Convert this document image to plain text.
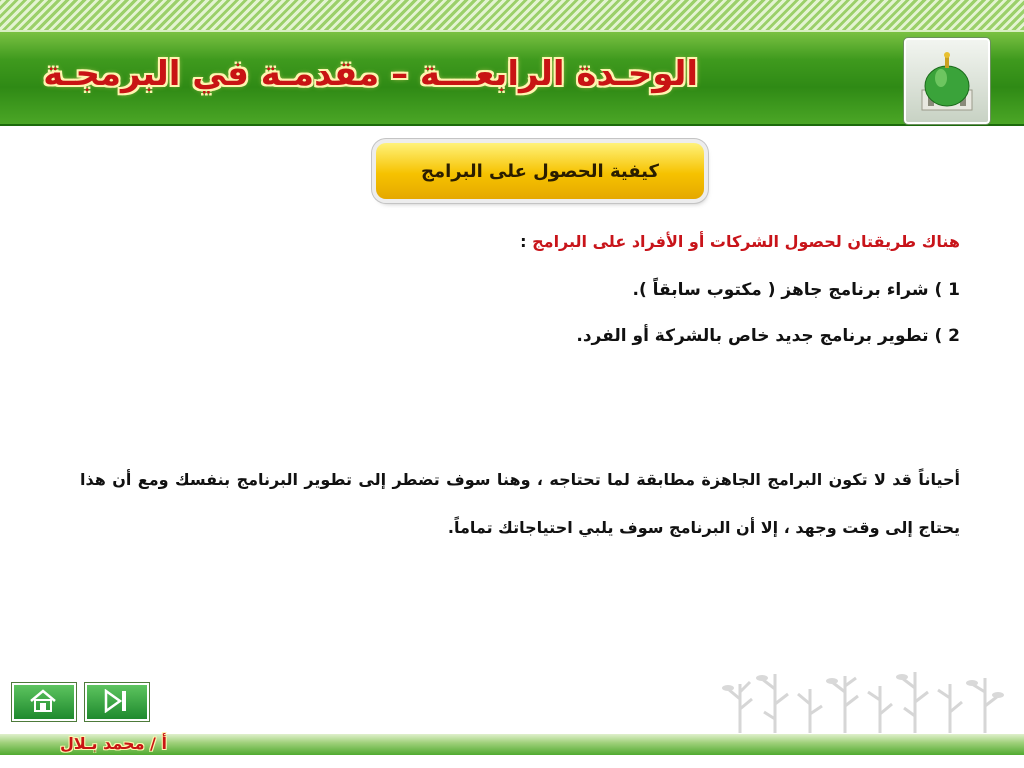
الوحـدة الرابعـــة – مقدمـة في البرمجـة
كيفية الحصول على البرامج
هناك طريقتان لحصول الشركات أو الأفراد على البرامج :
1 ) شراء برنامج جاهز ( مكتوب سابقاً ).
2 ) تطوير برنامج جديد خاص بالشركة أو الفرد.
أحياناً قد لا تكون البرامج الجاهزة مطابقة لما تحتاجه ، وهنا سوف تضطر إلى تطوير البرنامج بنفسك ومع أن هذا يحتاج إلى وقت وجهد ، إلا أن البرنامج سوف يلبي احتياجاتك تماماً.
أ / محمد بـلال
